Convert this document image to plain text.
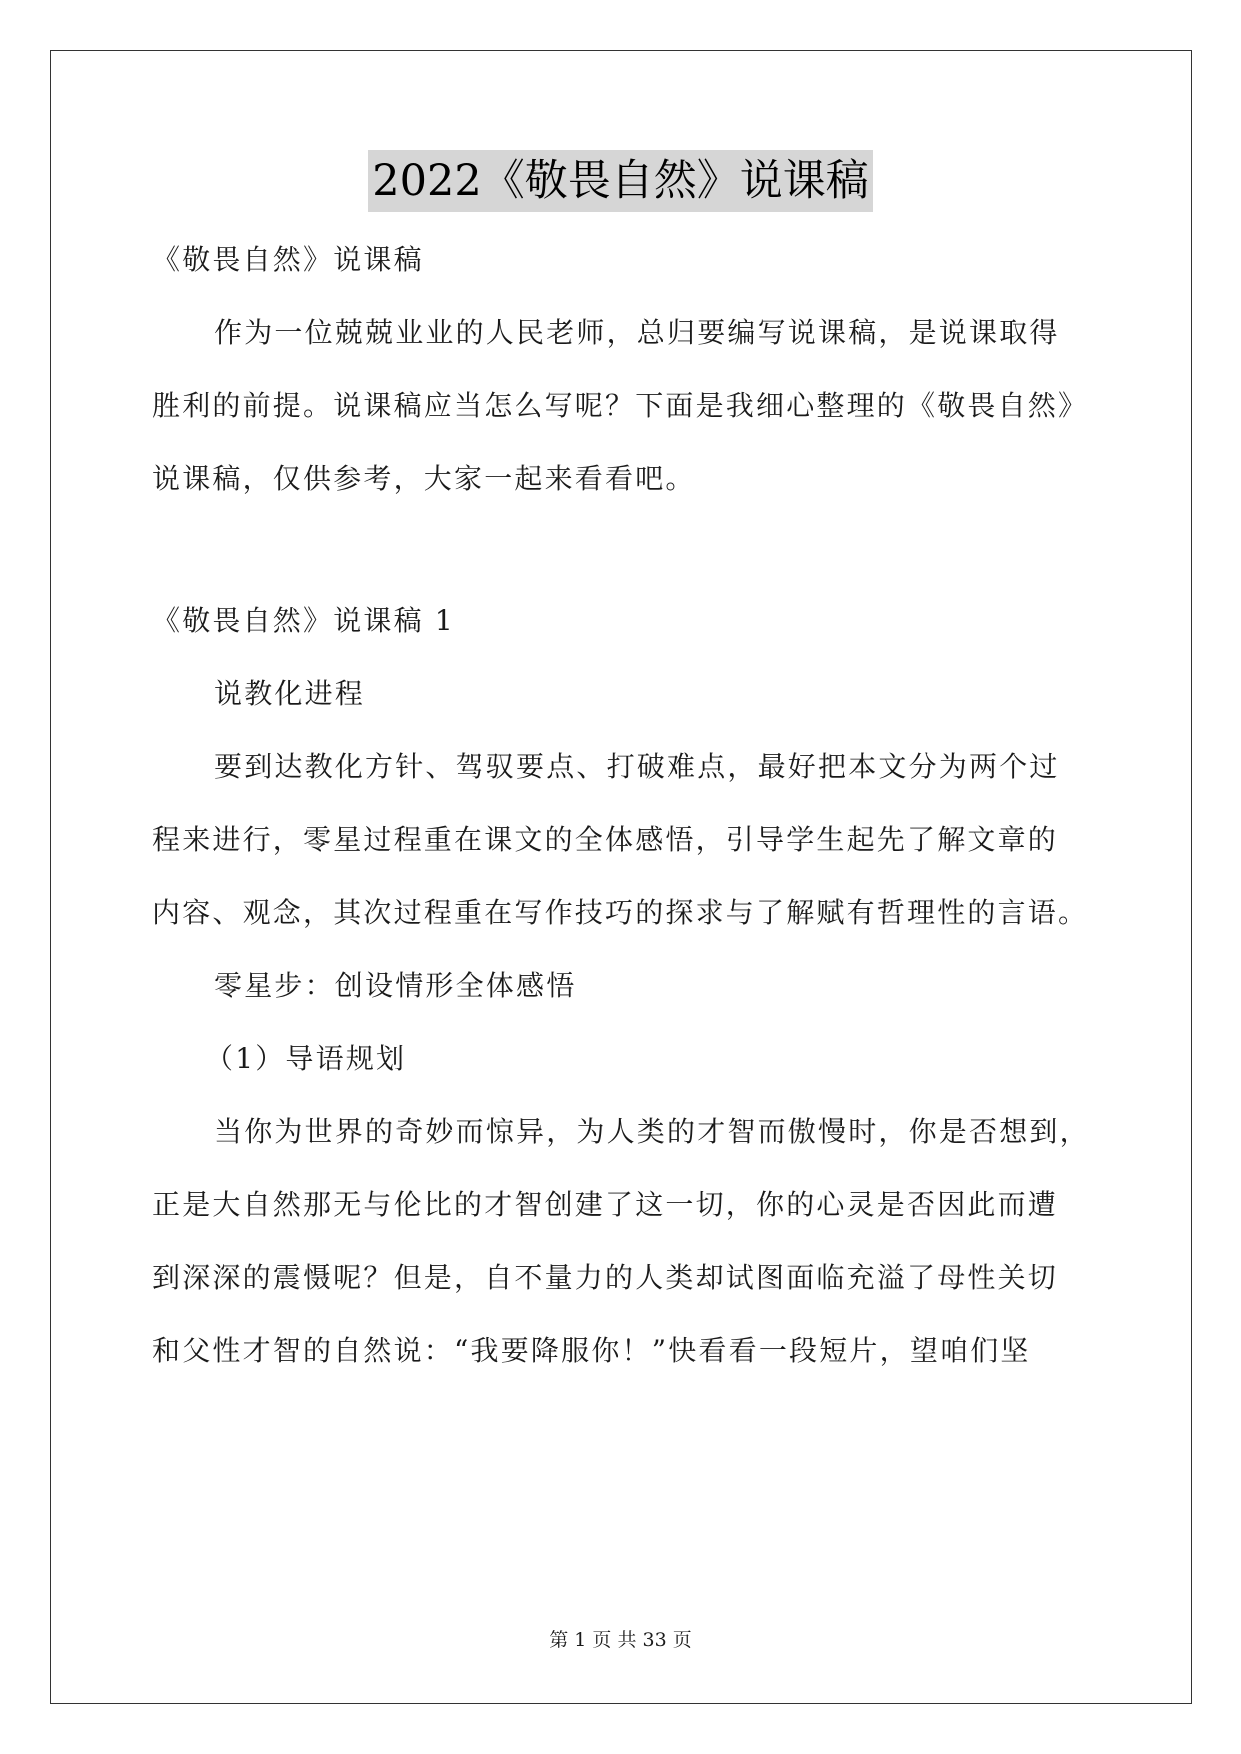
2022《敬畏自然》说课稿
《敬畏自然》说课稿
作为一位兢兢业业的人民老师，总归要编写说课稿，是说课取得
胜利的前提。说课稿应当怎么写呢？下面是我细心整理的《敬畏自然》
说课稿，仅供参考，大家一起来看看吧。
《敬畏自然》说课稿 1
说教化进程
要到达教化方针、驾驭要点、打破难点，最好把本文分为两个过
程来进行，零星过程重在课文的全体感悟，引导学生起先了解文章的
内容、观念，其次过程重在写作技巧的探求与了解赋有哲理性的言语。
零星步：创设情形全体感悟
（1）导语规划
当你为世界的奇妙而惊异，为人类的才智而傲慢时，你是否想到，
正是大自然那无与伦比的才智创建了这一切，你的心灵是否因此而遭
到深深的震慑呢？但是，自不量力的人类却试图面临充溢了母性关切
和父性才智的自然说：“我要降服你！”快看看一段短片，望咱们坚
第 1 页 共 33 页
